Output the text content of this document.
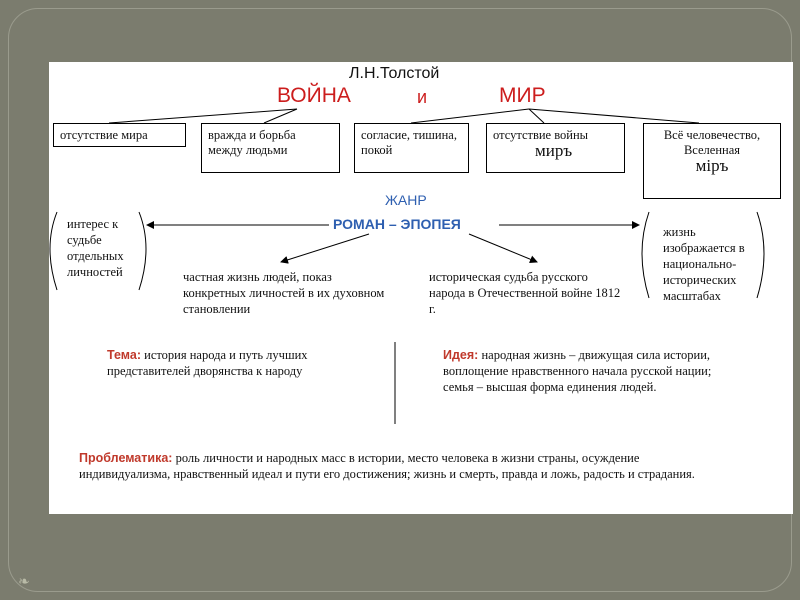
❧
Л.Н.Толстой
ВОЙНА	и	МИР
отсутствие мира	вражда и борьба между людьми
согласие, тишина, покой
отсутствие войны
миръ
Всё человечество, Вселенная
міръ
ЖАНР
РОМАН – ЭПОПЕЯ
интерес к судьбе отдельных личностей
жизнь изображается в национально-исторических масштабах
частная жизнь людей, показ конкретных личностей в их духовном становлении
историческая судьба русского народа в Отечественной войне 1812 г.
Тема: история народа и путь лучших представителей дворянства к народу
Идея: народная жизнь – движущая сила истории, воплощение нравственного начала русской нации; семья – высшая форма единения людей.
Проблематика: роль личности и народных масс в истории, место человека в жизни страны, осуждение индивидуализма, нравственный идеал и пути его достижения; жизнь и смерть, правда и ложь, радость и страдания.
